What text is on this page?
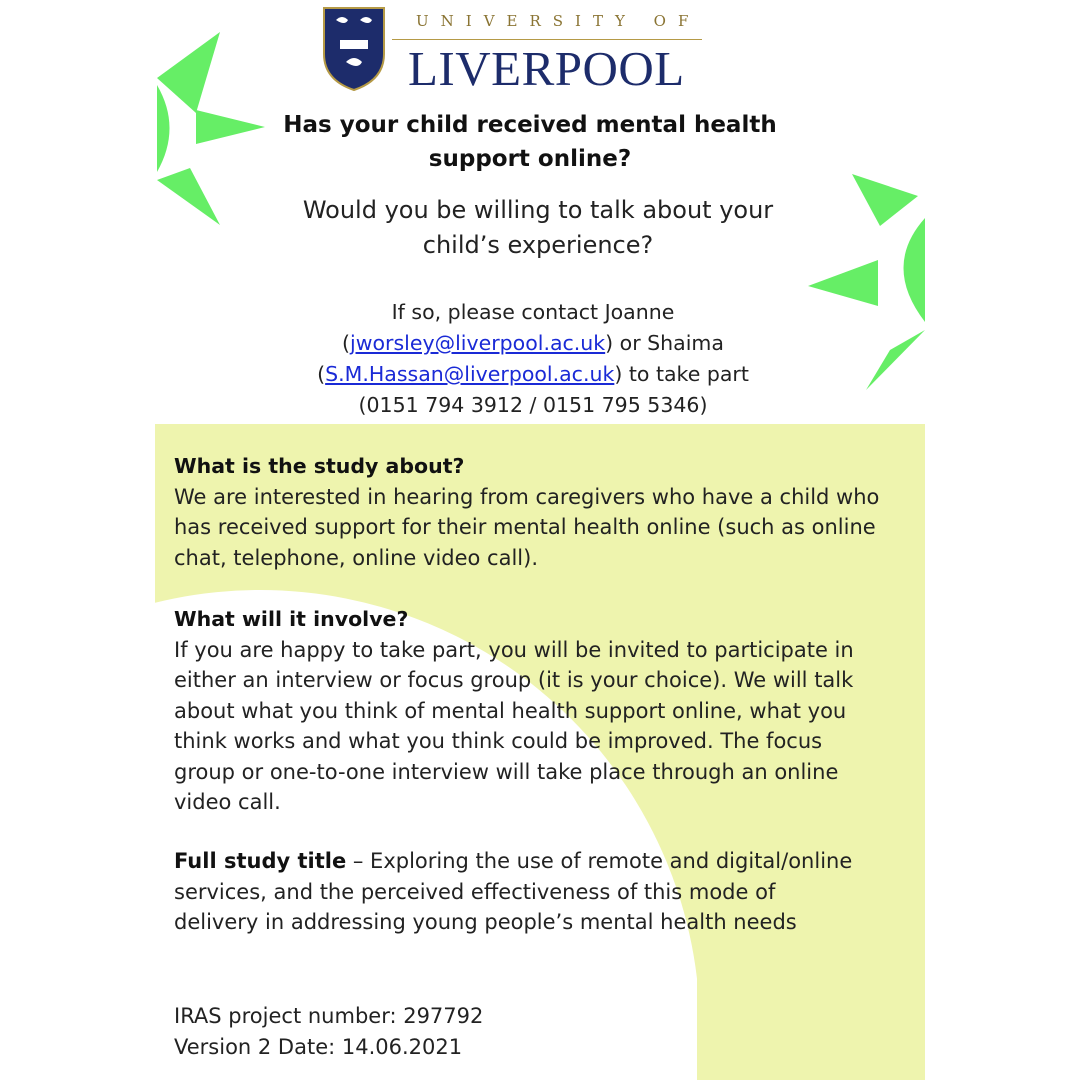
UNIVERSITY OF
LIVERPOOL
Has your child received mental health
support online?
Would you be willing to talk about your
child’s experience?
If so, please contact Joanne
(jworsley@liverpool.ac.uk) or Shaima
(S.M.Hassan@liverpool.ac.uk) to take part
(0151 794 3912 / 0151 795 5346)
What is the study about?

We are interested in hearing from caregivers who have a child who has received support for their mental health online (such as online chat, telephone, online video call).

What will it involve?

If you are happy to take part, you will be invited to participate in either an interview or focus group (it is your choice). We will talk about what you think of mental health support online, what you think works and what you think could be improved. The focus group or one-to-one interview will take place through an online video call.

Full study title – Exploring the use of remote and digital/online services, and the perceived effectiveness of this mode of delivery in addressing young people’s mental health needs

IRAS project number: 297792
Version 2 Date: 14.06.2021
